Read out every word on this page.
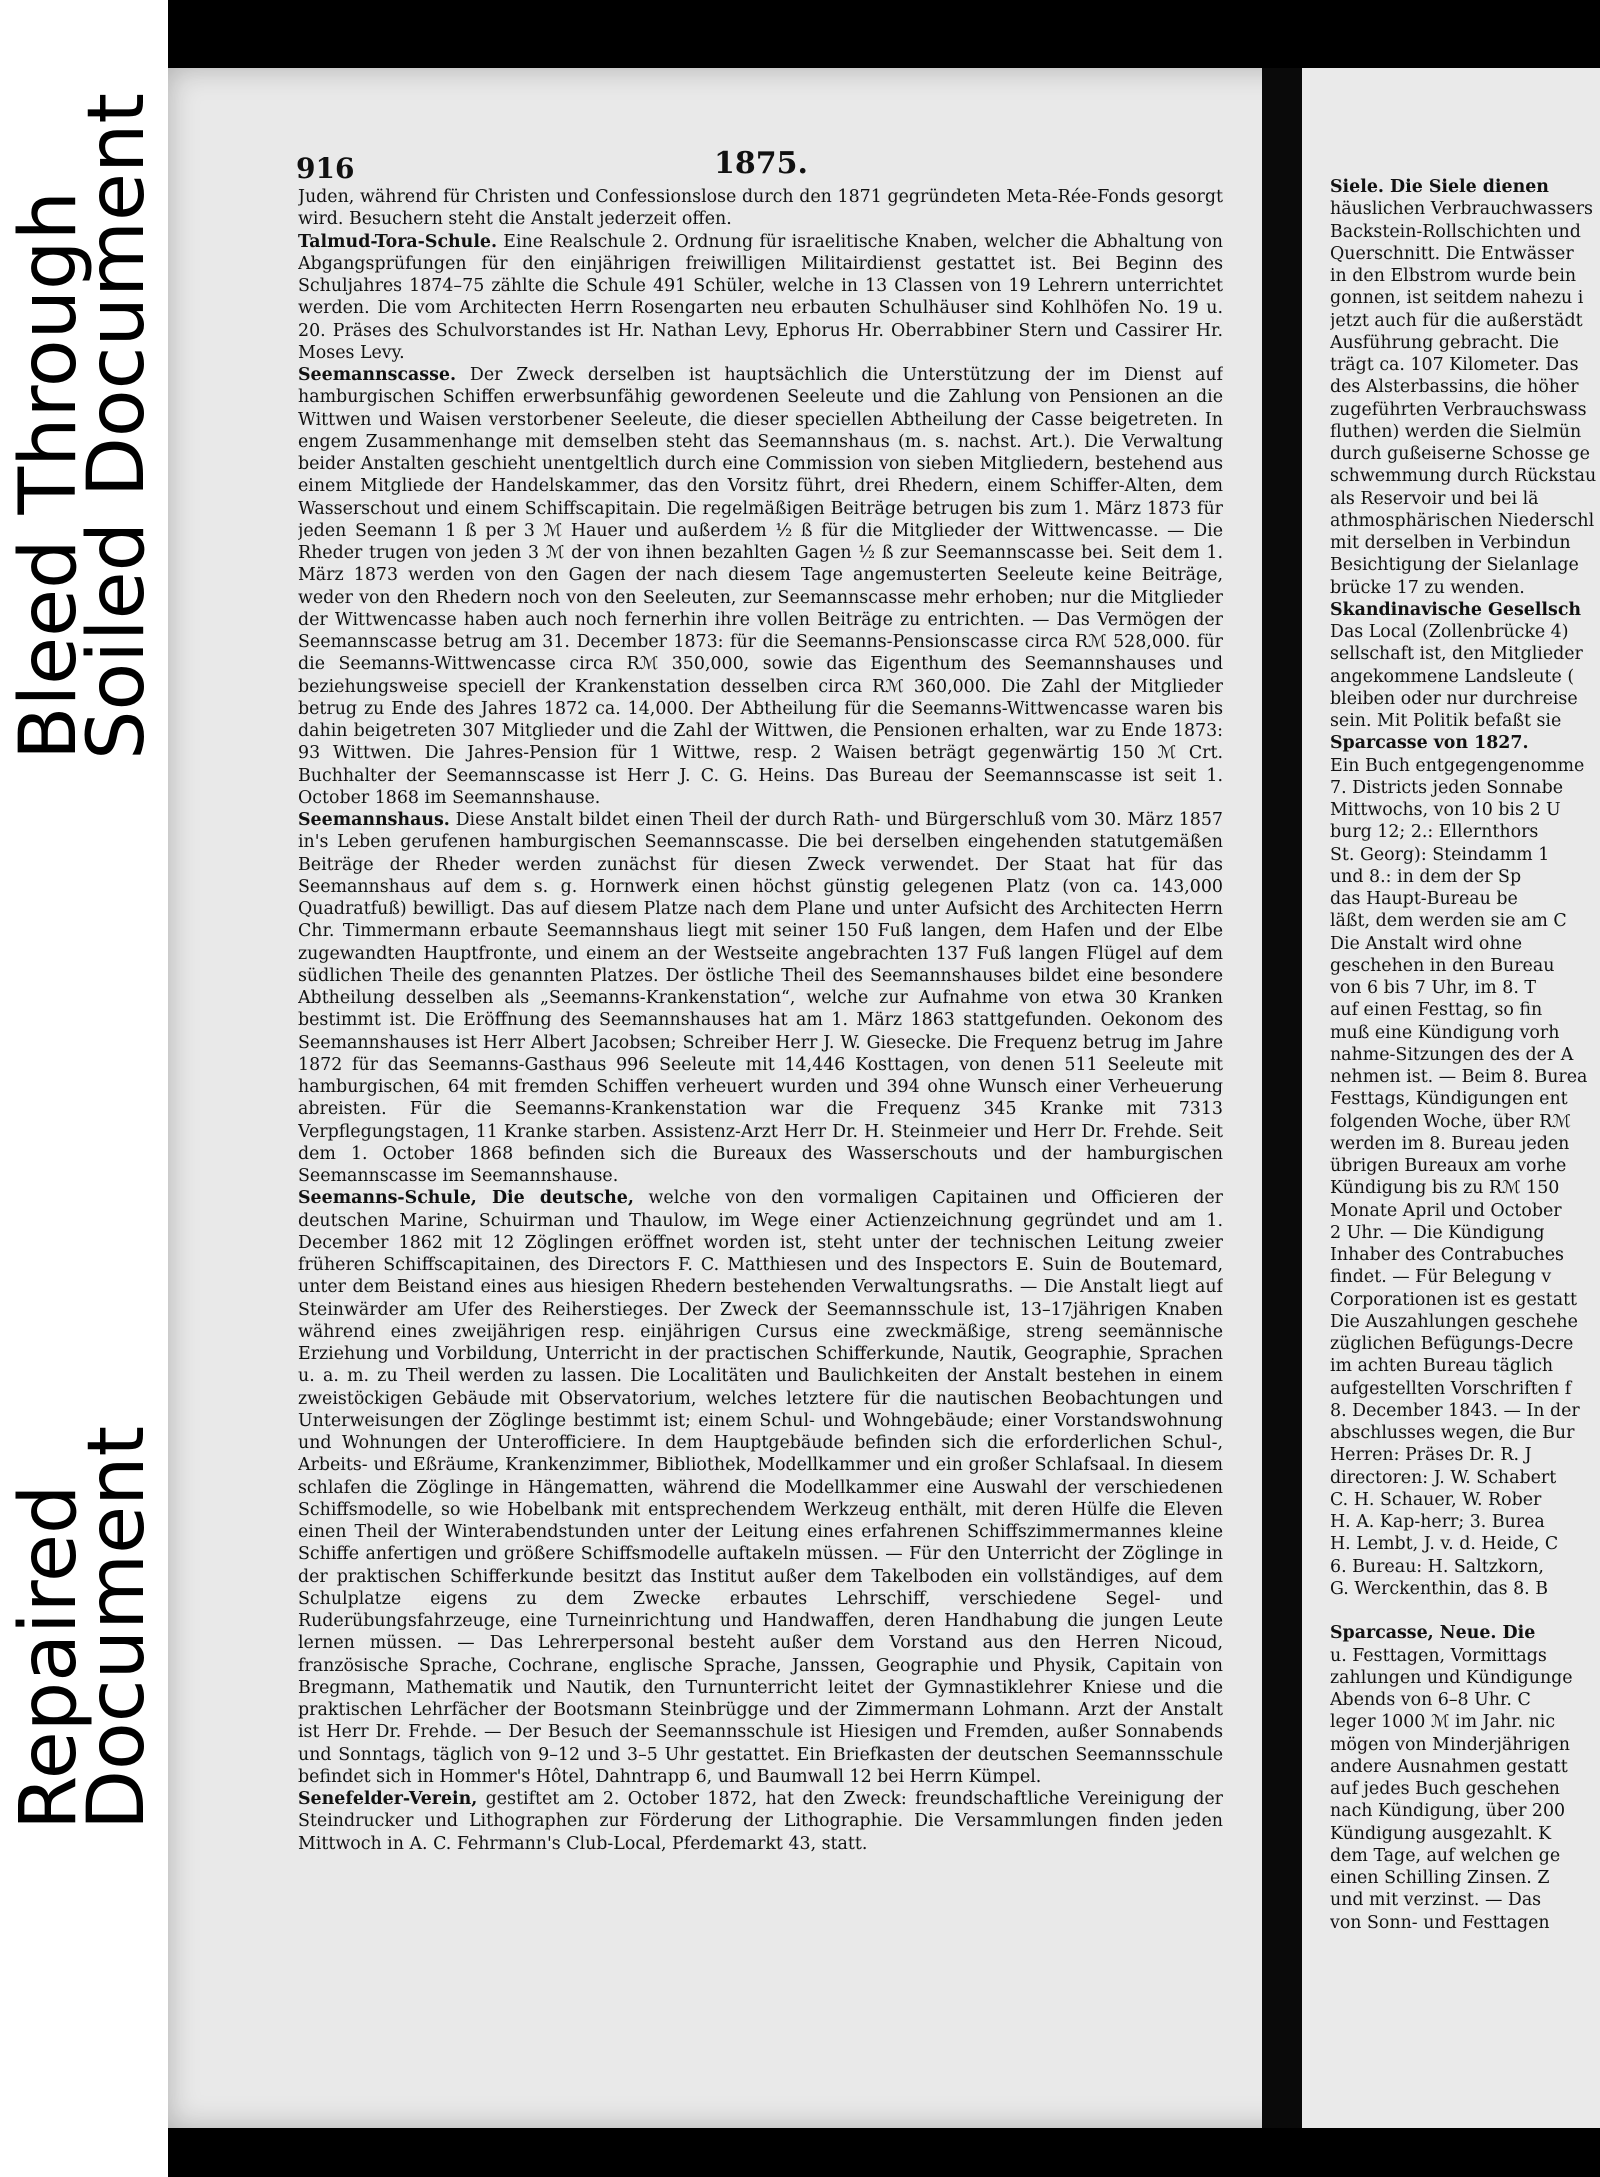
Bleed Through
Soiled Document
Repaired
Document
916	1875.

Juden, während für Christen und Confessionslose durch den 1871 gegründeten Meta-Rée-Fonds gesorgt wird. Besuchern steht die Anstalt jederzeit offen.

Talmud-Tora-Schule. Eine Realschule 2. Ordnung für israelitische Knaben, welcher die Abhaltung von Abgangsprüfungen für den einjährigen freiwilligen Militairdienst gestattet ist. Bei Beginn des Schuljahres 1874–75 zählte die Schule 491 Schüler, welche in 13 Classen von 19 Lehrern unterrichtet werden. Die vom Architecten Herrn Rosengarten neu erbauten Schulhäuser sind Kohlhöfen No. 19 u. 20. Präses des Schulvorstandes ist Hr. Nathan Levy, Ephorus Hr. Oberrabbiner Stern und Cassirer Hr. Moses Levy.

Seemannscasse. Der Zweck derselben ist hauptsächlich die Unterstützung der im Dienst auf hamburgischen Schiffen erwerbsunfähig gewordenen Seeleute und die Zahlung von Pensionen an die Wittwen und Waisen verstorbener Seeleute, die dieser speciellen Abtheilung der Casse beigetreten. In engem Zusammenhange mit demselben steht das Seemannshaus (m. s. nachst. Art.). Die Verwaltung beider Anstalten geschieht unentgeltlich durch eine Commission von sieben Mitgliedern, bestehend aus einem Mitgliede der Handelskammer, das den Vorsitz führt, drei Rhedern, einem Schiffer-Alten, dem Wasserschout und einem Schiffscapitain. Die regelmäßigen Beiträge betrugen bis zum 1. März 1873 für jeden Seemann 1 ß per 3 ℳ Hauer und außerdem ½ ß für die Mitglieder der Wittwencasse. — Die Rheder trugen von jeden 3 ℳ der von ihnen bezahlten Gagen ½ ß zur Seemannscasse bei. Seit dem 1. März 1873 werden von den Gagen der nach diesem Tage angemusterten Seeleute keine Beiträge, weder von den Rhedern noch von den Seeleuten, zur Seemannscasse mehr erhoben; nur die Mitglieder der Wittwencasse haben auch noch fernerhin ihre vollen Beiträge zu entrichten. — Das Vermögen der Seemannscasse betrug am 31. December 1873: für die Seemanns-Pensionscasse circa Rℳ 528,000. für die Seemanns-Wittwencasse circa Rℳ 350,000, sowie das Eigenthum des Seemannshauses und beziehungsweise speciell der Krankenstation desselben circa Rℳ 360,000. Die Zahl der Mitglieder betrug zu Ende des Jahres 1872 ca. 14,000. Der Abtheilung für die Seemanns-Wittwencasse waren bis dahin beigetreten 307 Mitglieder und die Zahl der Wittwen, die Pensionen erhalten, war zu Ende 1873: 93 Wittwen. Die Jahres-Pension für 1 Wittwe, resp. 2 Waisen beträgt gegenwärtig 150 ℳ Crt. Buchhalter der Seemannscasse ist Herr J. C. G. Heins. Das Bureau der Seemannscasse ist seit 1. October 1868 im Seemannshause.

Seemannshaus. Diese Anstalt bildet einen Theil der durch Rath- und Bürgerschluß vom 30. März 1857 in's Leben gerufenen hamburgischen Seemannscasse. Die bei derselben eingehenden statutgemäßen Beiträge der Rheder werden zunächst für diesen Zweck verwendet. Der Staat hat für das Seemannshaus auf dem s. g. Hornwerk einen höchst günstig gelegenen Platz (von ca. 143,000 Quadratfuß) bewilligt. Das auf diesem Platze nach dem Plane und unter Aufsicht des Architecten Herrn Chr. Timmermann erbaute Seemannshaus liegt mit seiner 150 Fuß langen, dem Hafen und der Elbe zugewandten Hauptfronte, und einem an der Westseite angebrachten 137 Fuß langen Flügel auf dem südlichen Theile des genannten Platzes. Der östliche Theil des Seemannshauses bildet eine besondere Abtheilung desselben als „Seemanns-Krankenstation“, welche zur Aufnahme von etwa 30 Kranken bestimmt ist. Die Eröffnung des Seemannshauses hat am 1. März 1863 stattgefunden. Oekonom des Seemannshauses ist Herr Albert Jacobsen; Schreiber Herr J. W. Giesecke. Die Frequenz betrug im Jahre 1872 für das Seemanns-Gasthaus 996 Seeleute mit 14,446 Kosttagen, von denen 511 Seeleute mit hamburgischen, 64 mit fremden Schiffen verheuert wurden und 394 ohne Wunsch einer Verheuerung abreisten. Für die Seemanns-Krankenstation war die Frequenz 345 Kranke mit 7313 Verpflegungstagen, 11 Kranke starben. Assistenz-Arzt Herr Dr. H. Steinmeier und Herr Dr. Frehde. Seit dem 1. October 1868 befinden sich die Bureaux des Wasserschouts und der hamburgischen Seemannscasse im Seemannshause.

Seemanns-Schule, Die deutsche, welche von den vormaligen Capitainen und Officieren der deutschen Marine, Schuirman und Thaulow, im Wege einer Actienzeichnung gegründet und am 1. December 1862 mit 12 Zöglingen eröffnet worden ist, steht unter der technischen Leitung zweier früheren Schiffscapitainen, des Directors F. C. Matthiesen und des Inspectors E. Suin de Boutemard, unter dem Beistand eines aus hiesigen Rhedern bestehenden Verwaltungsraths. — Die Anstalt liegt auf Steinwärder am Ufer des Reiherstieges. Der Zweck der Seemannsschule ist, 13–17jährigen Knaben während eines zweijährigen resp. einjährigen Cursus eine zweckmäßige, streng seemännische Erziehung und Vorbildung, Unterricht in der practischen Schifferkunde, Nautik, Geographie, Sprachen u. a. m. zu Theil werden zu lassen. Die Localitäten und Baulichkeiten der Anstalt bestehen in einem zweistöckigen Gebäude mit Observatorium, welches letztere für die nautischen Beobachtungen und Unterweisungen der Zöglinge bestimmt ist; einem Schul- und Wohngebäude; einer Vorstandswohnung und Wohnungen der Unterofficiere. In dem Hauptgebäude befinden sich die erforderlichen Schul-, Arbeits- und Eßräume, Krankenzimmer, Bibliothek, Modellkammer und ein großer Schlafsaal. In diesem schlafen die Zöglinge in Hängematten, während die Modellkammer eine Auswahl der verschiedenen Schiffsmodelle, so wie Hobelbank mit entsprechendem Werkzeug enthält, mit deren Hülfe die Eleven einen Theil der Winterabendstunden unter der Leitung eines erfahrenen Schiffszimmermannes kleine Schiffe anfertigen und größere Schiffsmodelle auftakeln müssen. — Für den Unterricht der Zöglinge in der praktischen Schifferkunde besitzt das Institut außer dem Takelboden ein vollständiges, auf dem Schulplatze eigens zu dem Zwecke erbautes Lehrschiff, verschiedene Segel- und Ruderübungsfahrzeuge, eine Turneinrichtung und Handwaffen, deren Handhabung die jungen Leute lernen müssen. — Das Lehrerpersonal besteht außer dem Vorstand aus den Herren Nicoud, französische Sprache, Cochrane, englische Sprache, Janssen, Geographie und Physik, Capitain von Bregmann, Mathematik und Nautik, den Turnunterricht leitet der Gymnastiklehrer Kniese und die praktischen Lehrfächer der Bootsmann Steinbrügge und der Zimmermann Lohmann. Arzt der Anstalt ist Herr Dr. Frehde. — Der Besuch der Seemannsschule ist Hiesigen und Fremden, außer Sonnabends und Sonntags, täglich von 9–12 und 3–5 Uhr gestattet. Ein Briefkasten der deutschen Seemannsschule befindet sich in Hommer's Hôtel, Dahntrapp 6, und Baumwall 12 bei Herrn Kümpel.

Senefelder-Verein, gestiftet am 2. October 1872, hat den Zweck: freundschaftliche Vereinigung der Steindrucker und Lithographen zur Förderung der Lithographie. Die Versammlungen finden jeden Mittwoch in A. C. Fehrmann's Club-Local, Pferdemarkt 43, statt.

Siele. Die Siele dienen
häuslichen Verbrauchwassers
Backstein-Rollschichten und
Querschnitt. Die Entwässer
in den Elbstrom wurde bein
gonnen, ist seitdem nahezu i
jetzt auch für die außerstädt
Ausführung gebracht. Die
trägt ca. 107 Kilometer. Das
des Alsterbassins, die höher
zugeführten Verbrauchswass
fluthen) werden die Sielmün
durch gußeiserne Schosse ge
schwemmung durch Rückstau
als Reservoir und bei lä
athmosphärischen Niederschl
mit derselben in Verbindun
Besichtigung der Sielanlage
brücke 17 zu wenden.
Skandinavische Gesellsch
Das Local (Zollenbrücke 4)
sellschaft ist, den Mitglieder
angekommene Landsleute (
bleiben oder nur durchreise
sein. Mit Politik befaßt sie
Sparcasse von 1827.
Ein Buch entgegengenomme
7. Districts jeden Sonnabe
Mittwochs, von 10 bis 2 U
burg 12; 2.: Ellernthors
St. Georg): Steindamm 1
und 8.: in dem der Sp
das Haupt-Bureau be
läßt, dem werden sie am C
Die Anstalt wird ohne
geschehen in den Bureau
von 6 bis 7 Uhr, im 8. T
auf einen Festtag, so fin
muß eine Kündigung vorh
nahme-Sitzungen des der A
nehmen ist. — Beim 8. Burea
Festtags, Kündigungen ent
folgenden Woche, über Rℳ
werden im 8. Bureau jeden
übrigen Bureaux am vorhe
Kündigung bis zu Rℳ 150
Monate April und October
2 Uhr. — Die Kündigung
Inhaber des Contrabuches
findet. — Für Belegung v
Corporationen ist es gestatt
Die Auszahlungen geschehe
züglichen Befügungs-Decre
im achten Bureau täglich
aufgestellten Vorschriften f
8. December 1843. — In der
abschlusses wegen, die Bur
Herren: Präses Dr. R. J
directoren: J. W. Schabert
C. H. Schauer, W. Rober
H. A. Kap-herr; 3. Burea
H. Lembt, J. v. d. Heide, C
6. Bureau: H. Saltzkorn,
G. Werckenthin, das 8. B

Sparcasse, Neue. Die
u. Festtagen, Vormittags
zahlungen und Kündigunge
Abends von 6–8 Uhr. C
leger 1000 ℳ im Jahr. nic
mögen von Minderjährigen
andere Ausnahmen gestatt
auf jedes Buch geschehen
nach Kündigung, über 200
Kündigung ausgezahlt. K
dem Tage, auf welchen ge
einen Schilling Zinsen. Z
und mit verzinst. — Das
von Sonn- und Festtagen
